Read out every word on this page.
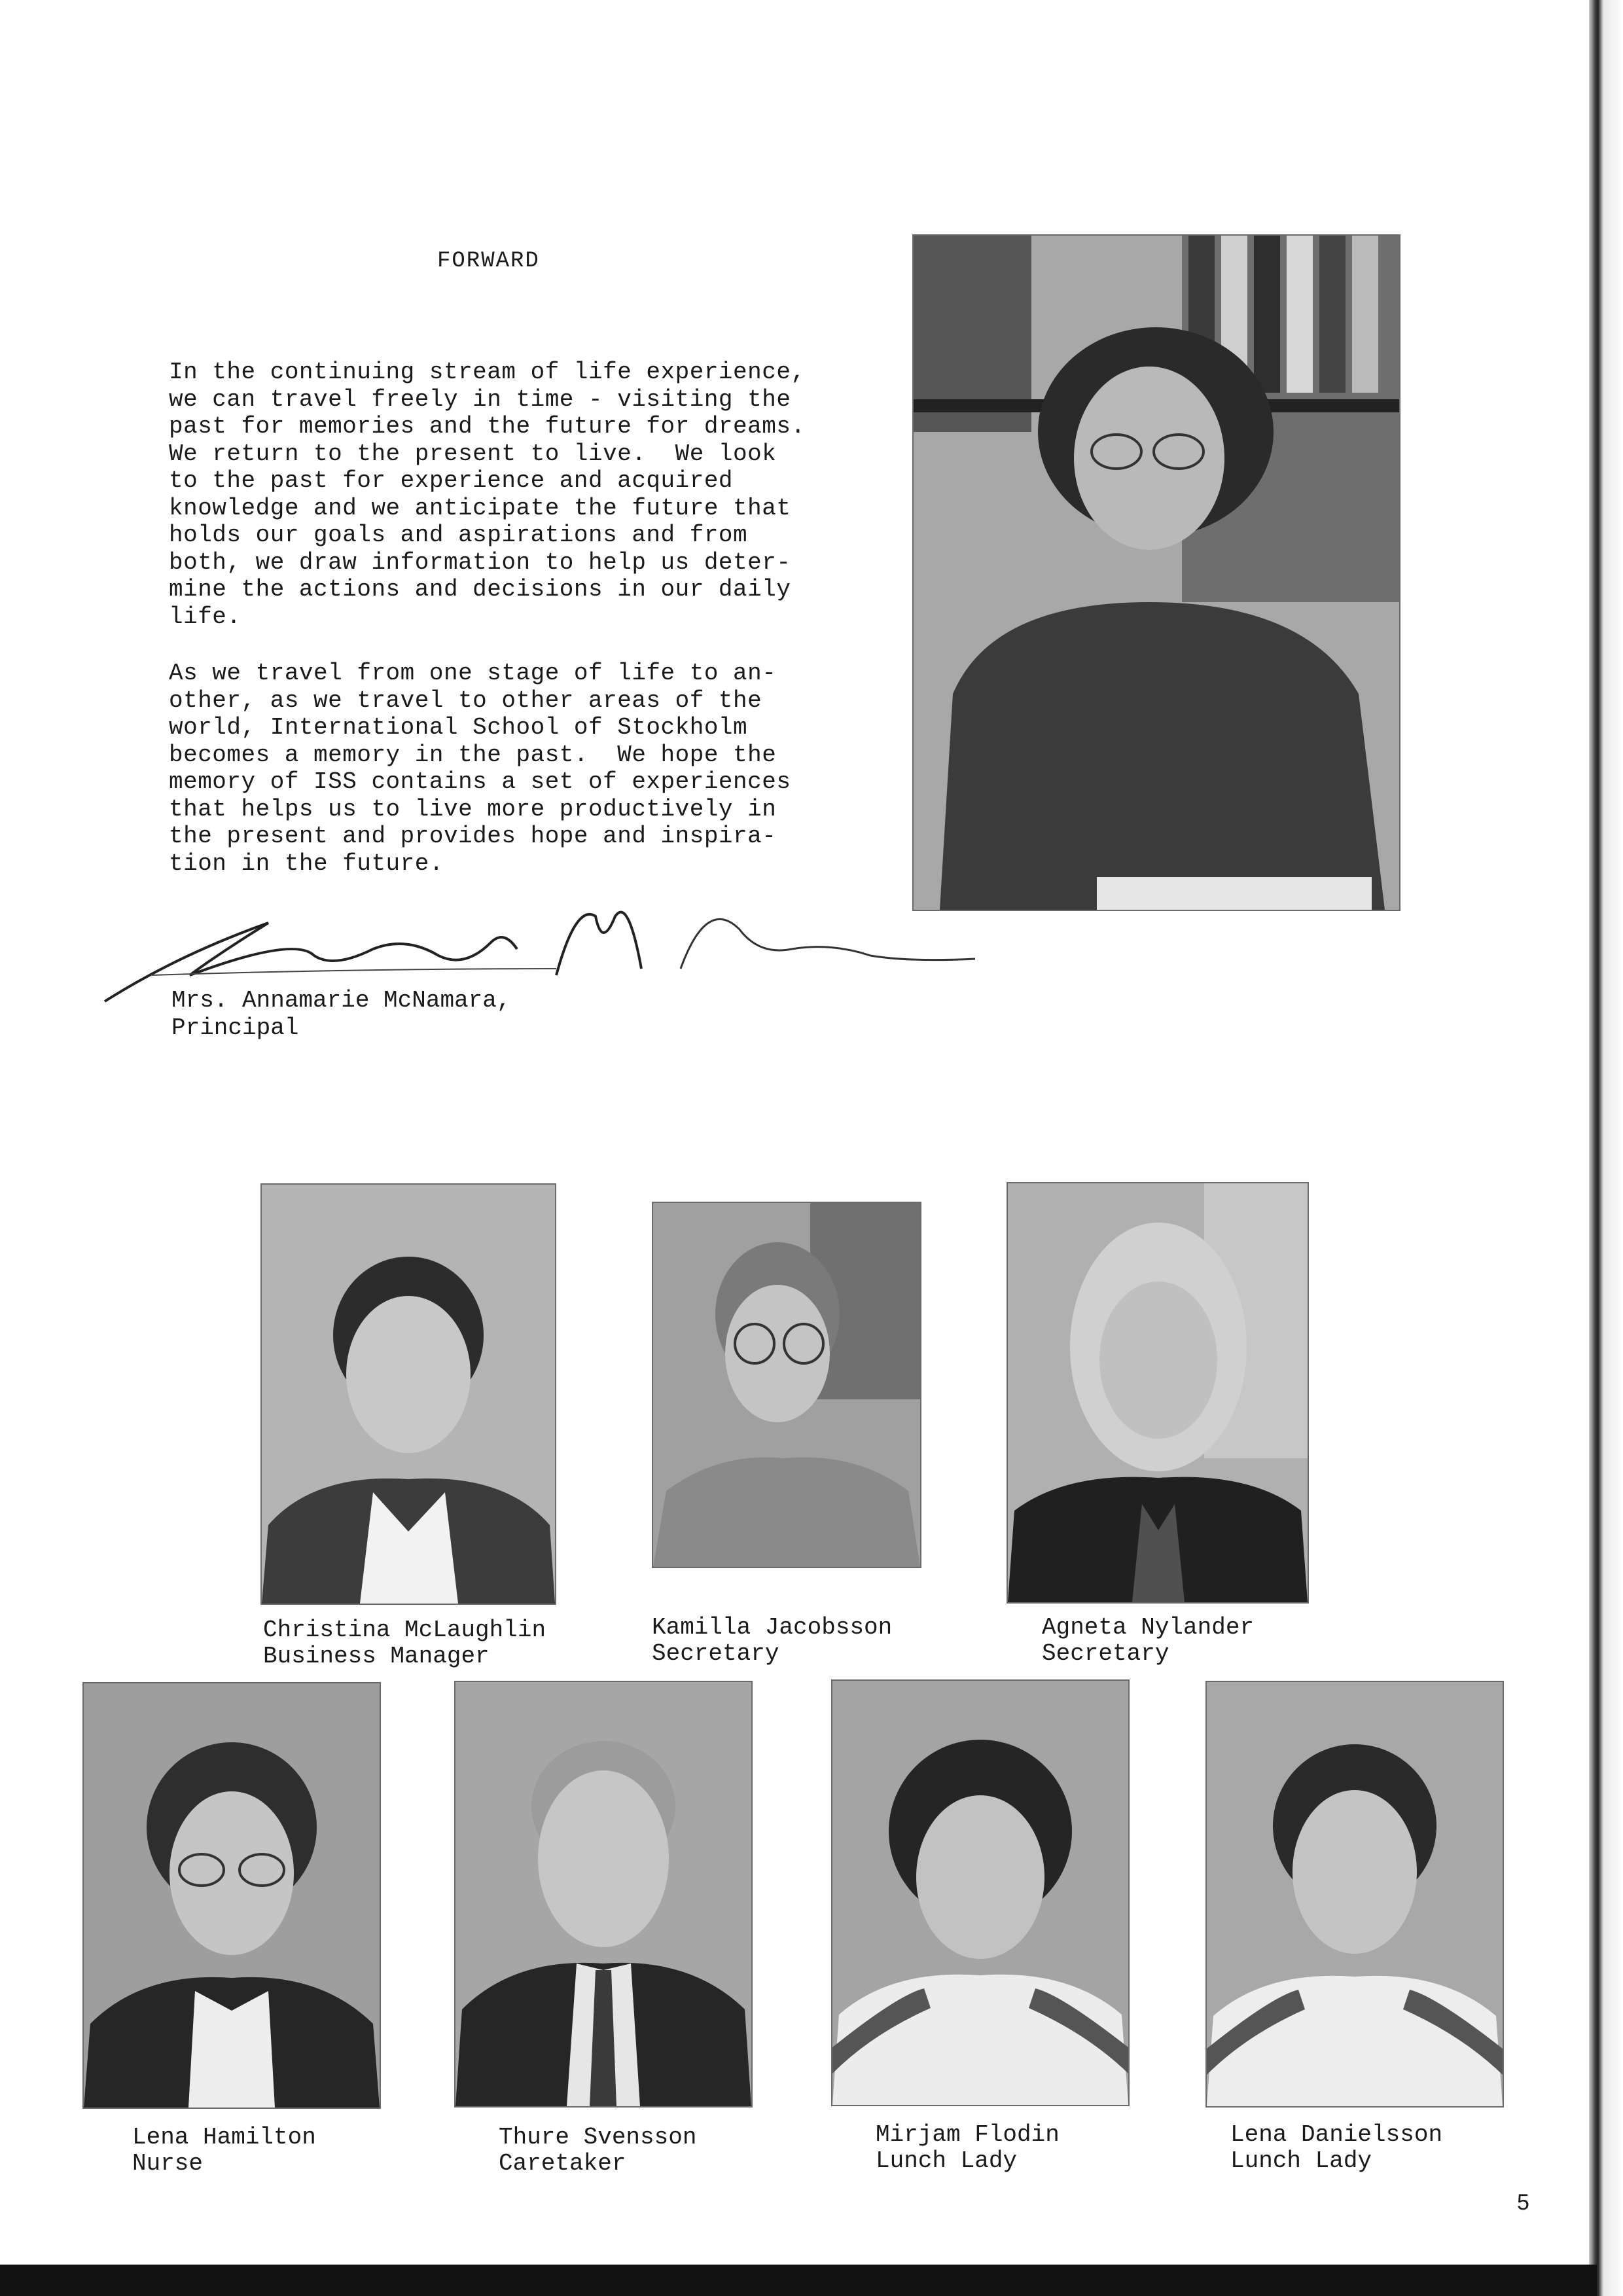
FORWARD
In the continuing stream of life experience,
we can travel freely in time - visiting the
past for memories and the future for dreams.
We return to the present to live.  We look
to the past for experience and acquired
knowledge and we anticipate the future that
holds our goals and aspirations and from
both, we draw information to help us deter-
mine the actions and decisions in our daily
life.
As we travel from one stage of life to an-
other, as we travel to other areas of the
world, International School of Stockholm
becomes a memory in the past.  We hope the
memory of ISS contains a set of experiences
that helps us to live more productively in
the present and provides hope and inspira-
tion in the future.
Mrs. Annamarie McNamara,
Principal
Christina McLaughlin
Business Manager
Kamilla Jacobsson
Secretary
Agneta Nylander
Secretary
Lena Hamilton
Nurse
Thure Svensson
Caretaker
Mirjam Flodin
Lunch Lady
Lena Danielsson
Lunch Lady
5
